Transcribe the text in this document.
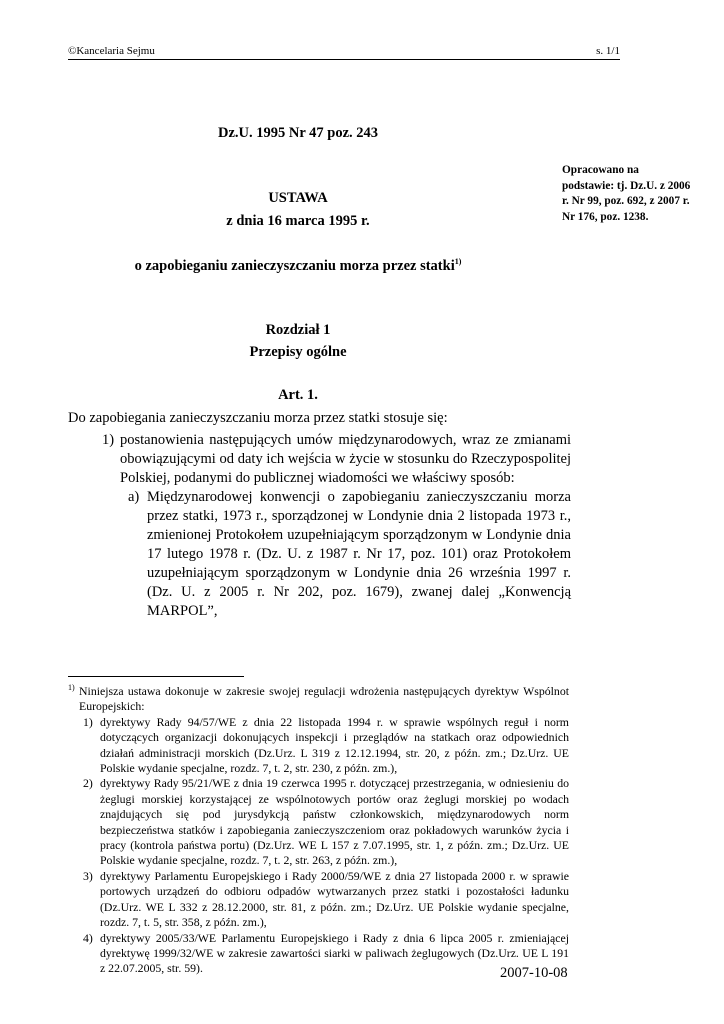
©Kancelaria Sejmu	s. 1/1
Dz.U. 1995 Nr 47 poz. 243
Opracowano na podstawie: tj. Dz.U. z 2006 r. Nr 99, poz. 692, z 2007 r. Nr 176, poz. 1238.
USTAWA
z dnia 16 marca 1995 r.
o zapobieganiu zanieczyszczaniu morza przez statki$^{1)}$
Rozdział 1
Przepisy ogólne
Art. 1.
Do zapobiegania zanieczyszczaniu morza przez statki stosuje się:
1) postanowienia następujących umów międzynarodowych, wraz ze zmianami obowiązującymi od daty ich wejścia w życie w stosunku do Rzeczypospolitej Polskiej, podanymi do publicznej wiadomości we właściwy sposób:
a) Międzynarodowej konwencji o zapobieganiu zanieczyszczaniu morza przez statki, 1973 r., sporządzonej w Londynie dnia 2 listopada 1973 r., zmienionej Protokołem uzupełniającym sporządzonym w Londynie dnia 17 lutego 1978 r. (Dz. U. z 1987 r. Nr 17, poz. 101) oraz Protokołem uzupełniającym sporządzonym w Londynie dnia 26 września 1997 r. (Dz. U. z 2005 r. Nr 202, poz. 1679), zwanej dalej „Konwencją MARPOL”,
$^{1)}$ Niniejsza ustawa dokonuje w zakresie swojej regulacji wdrożenia następujących dyrektyw Wspólnot Europejskich:
1) dyrektywy Rady 94/57/WE z dnia 22 listopada 1994 r. w sprawie wspólnych reguł i norm dotyczących organizacji dokonujących inspekcji i przeglądów na statkach oraz odpowiednich działań administracji morskich (Dz.Urz. L 319 z 12.12.1994, str. 20, z późn. zm.; Dz.Urz. UE Polskie wydanie specjalne, rozdz. 7, t. 2, str. 230, z późn. zm.),
2) dyrektywy Rady 95/21/WE z dnia 19 czerwca 1995 r. dotyczącej przestrzegania, w odniesieniu do żeglugi morskiej korzystającej ze wspólnotowych portów oraz żeglugi morskiej po wodach znajdujących się pod jurysdykcją państw członkowskich, międzynarodowych norm bezpieczeństwa statków i zapobiegania zanieczyszczeniom oraz pokładowych warunków życia i pracy (kontrola państwa portu) (Dz.Urz. WE L 157 z 7.07.1995, str. 1, z późn. zm.; Dz.Urz. UE Polskie wydanie specjalne, rozdz. 7, t. 2, str. 263, z późn. zm.),
3) dyrektywy Parlamentu Europejskiego i Rady 2000/59/WE z dnia 27 listopada 2000 r. w sprawie portowych urządzeń do odbioru odpadów wytwarzanych przez statki i pozostałości ładunku (Dz.Urz. WE L 332 z 28.12.2000, str. 81, z późn. zm.; Dz.Urz. UE Polskie wydanie specjalne, rozdz. 7, t. 5, str. 358, z późn. zm.),
4) dyrektywy 2005/33/WE Parlamentu Europejskiego i Rady z dnia 6 lipca 2005 r. zmieniającej dyrektywę 1999/32/WE w zakresie zawartości siarki w paliwach żeglugowych (Dz.Urz. UE L 191 z 22.07.2005, str. 59).	2007-10-08
